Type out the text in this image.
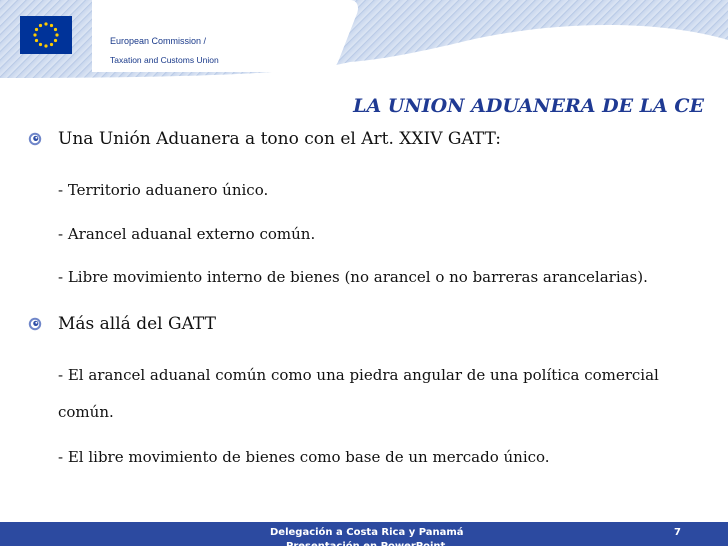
European Commission /
Taxation and Customs Union
LA UNION ADUANERA DE LA CE
Una Unión Aduanera a tono con el Art. XXIV GATT:
- Territorio aduanero único.
- Arancel aduanal externo común.
- Libre movimiento interno de bienes (no arancel o no barreras arancelarias).
Más allá del GATT
- El arancel aduanal común como una piedra angular de una política comercial
común.
- El libre movimiento de bienes como base de un mercado único.
Delegación a Costa Rica y Panamá
Presentación en PowerPoint
7
